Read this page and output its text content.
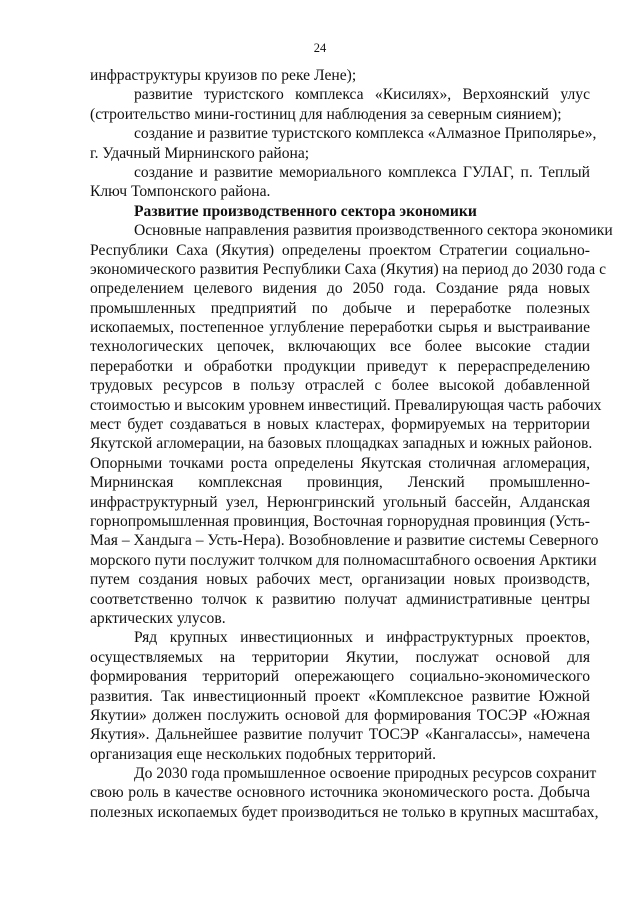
24
инфраструктуры круизов по реке Лене);
развитие туристского комплекса «Кисилях», Верхоянский улус
(строительство мини-гостиниц для наблюдения за северным сиянием);
создание и развитие туристского комплекса «Алмазное Приполярье»,
г. Удачный Мирнинского района;
создание и развитие мемориального комплекса ГУЛАГ, п. Теплый
Ключ Томпонского района.
Развитие производственного сектора экономики
Основные направления развития производственного сектора экономики
Республики Саха (Якутия) определены проектом Стратегии социально-
экономического развития Республики Саха (Якутия) на период до 2030 года с
определением целевого видения до 2050 года. Создание ряда новых
промышленных предприятий по добыче и переработке полезных
ископаемых, постепенное углубление переработки сырья и выстраивание
технологических цепочек, включающих все более высокие стадии
переработки и обработки продукции приведут к перераспределению
трудовых ресурсов в пользу отраслей с более высокой добавленной
стоимостью и высоким уровнем инвестиций. Превалирующая часть рабочих
мест будет создаваться в новых кластерах, формируемых на территории
Якутской агломерации, на базовых площадках западных и южных районов.
Опорными точками роста определены Якутская столичная агломерация,
Мирнинская комплексная провинция, Ленский промышленно-
инфраструктурный узел, Нерюнгринский угольный бассейн, Алданская
горнопромышленная провинция, Восточная горнорудная провинция (Усть-
Мая – Хандыга – Усть-Нера). Возобновление и развитие системы Северного
морского пути послужит толчком для полномасштабного освоения Арктики
путем создания новых рабочих мест, организации новых производств,
соответственно толчок к развитию получат административные центры
арктических улусов.
Ряд крупных инвестиционных и инфраструктурных проектов,
осуществляемых на территории Якутии, послужат основой для
формирования территорий опережающего социально-экономического
развития. Так инвестиционный проект «Комплексное развитие Южной
Якутии» должен послужить основой для формирования ТОСЭР «Южная
Якутия». Дальнейшее развитие получит ТОСЭР «Кангалассы», намечена
организация еще нескольких подобных территорий.
До 2030 года промышленное освоение природных ресурсов сохранит
свою роль в качестве основного источника экономического роста. Добыча
полезных ископаемых будет производиться не только в крупных масштабах,
